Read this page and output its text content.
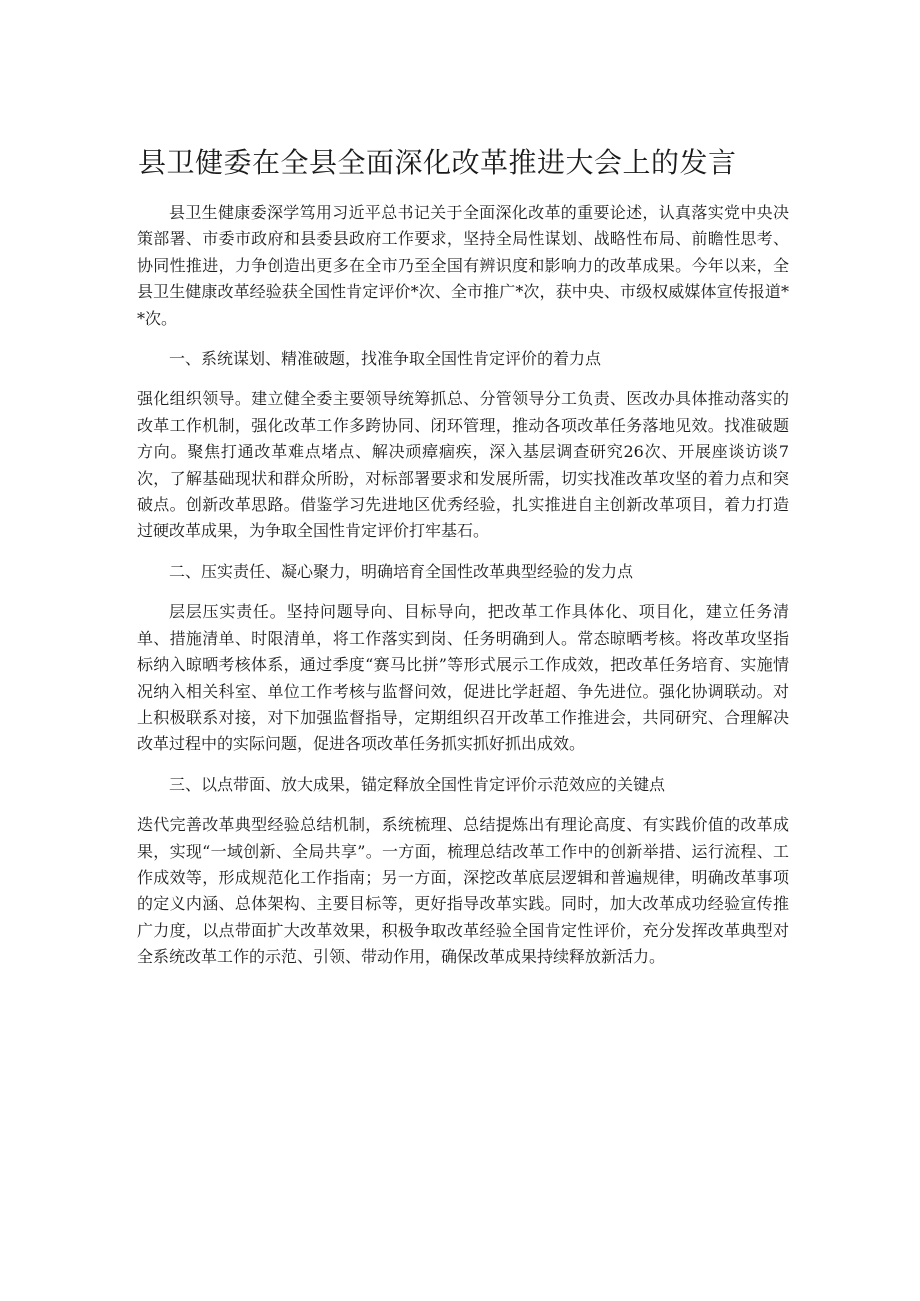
县卫健委在全县全面深化改革推进大会上的发言

县卫生健康委深学笃用习近平总书记关于全面深化改革的重要论述，认真落实党中央决策部署、市委市政府和县委县政府工作要求，坚持全局性谋划、战略性布局、前瞻性思考、协同性推进，力争创造出更多在全市乃至全国有辨识度和影响力的改革成果。今年以来，全县卫生健康改革经验获全国性肯定评价*次、全市推广*次，获中央、市级权威媒体宣传报道**次。

一、系统谋划、精准破题，找准争取全国性肯定评价的着力点

强化组织领导。建立健全委主要领导统筹抓总、分管领导分工负责、医改办具体推动落实的改革工作机制，强化改革工作多跨协同、闭环管理，推动各项改革任务落地见效。找准破题方向。聚焦打通改革难点堵点、解决顽瘴痼疾，深入基层调查研究26次、开展座谈访谈7次，了解基础现状和群众所盼，对标部署要求和发展所需，切实找准改革攻坚的着力点和突破点。创新改革思路。借鉴学习先进地区优秀经验，扎实推进自主创新改革项目，着力打造过硬改革成果，为争取全国性肯定评价打牢基石。

二、压实责任、凝心聚力，明确培育全国性改革典型经验的发力点

层层压实责任。坚持问题导向、目标导向，把改革工作具体化、项目化，建立任务清单、措施清单、时限清单，将工作落实到岗、任务明确到人。常态晾晒考核。将改革攻坚指标纳入晾晒考核体系，通过季度“赛马比拼”等形式展示工作成效，把改革任务培育、实施情况纳入相关科室、单位工作考核与监督问效，促进比学赶超、争先进位。强化协调联动。对上积极联系对接，对下加强监督指导，定期组织召开改革工作推进会，共同研究、合理解决改革过程中的实际问题，促进各项改革任务抓实抓好抓出成效。

三、以点带面、放大成果，锚定释放全国性肯定评价示范效应的关键点

迭代完善改革典型经验总结机制，系统梳理、总结提炼出有理论高度、有实践价值的改革成果，实现“一域创新、全局共享”。一方面，梳理总结改革工作中的创新举措、运行流程、工作成效等，形成规范化工作指南；另一方面，深挖改革底层逻辑和普遍规律，明确改革事项的定义内涵、总体架构、主要目标等，更好指导改革实践。同时，加大改革成功经验宣传推广力度，以点带面扩大改革效果，积极争取改革经验全国肯定性评价，充分发挥改革典型对全系统改革工作的示范、引领、带动作用，确保改革成果持续释放新活力。
